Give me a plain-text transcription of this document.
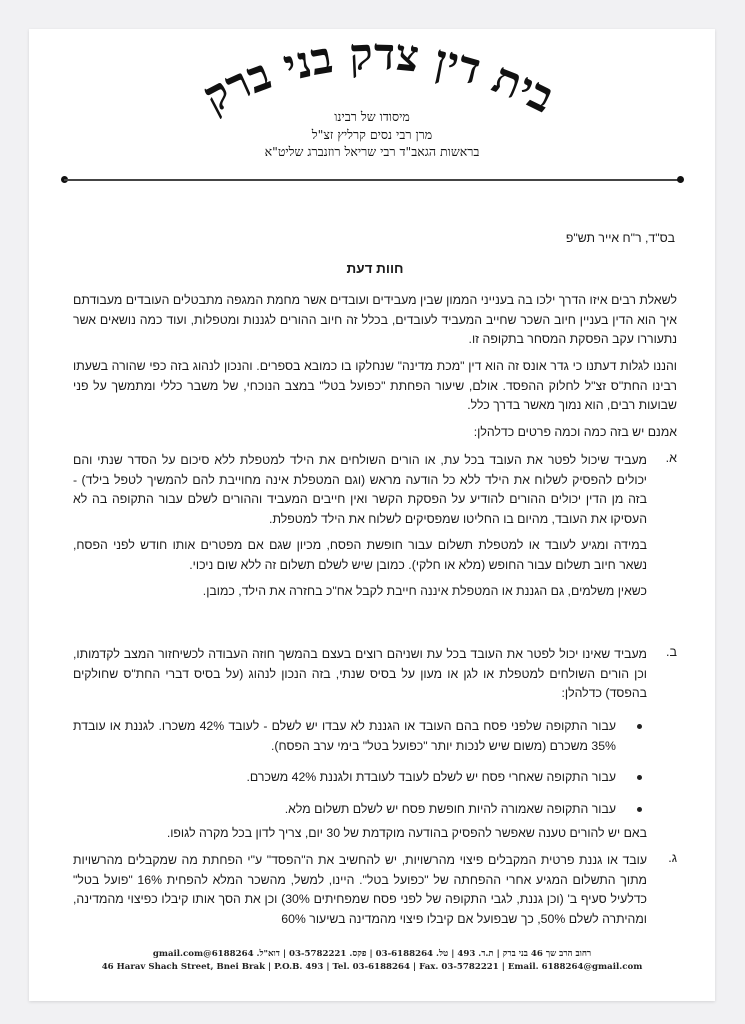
בית דין צדק בני ברק
מיסודו של רבינו
מרן רבי נסים קרליץ זצ"ל
בראשות הגאב"ד רבי שריאל רוזנברג שליט"א
בס"ד, ר"ח אייר תש"פ
חוות דעת
לשאלת רבים איזו הדרך ילכו בה בענייני הממון שבין מעבידים ועובדים אשר מחמת המגפה מתבטלים העובדים מעבודתם איך הוא הדין בעניין חיוב השכר שחייב המעביד לעובדים, בכלל זה חיוב ההורים לגננות ומטפלות, ועוד כמה נושאים אשר נתעוררו עקב הפסקת המסחר בתקופה זו.
והננו לגלות דעתנו כי גדר אונס זה הוא דין "מכת מדינה" שנחלקו בו כמובא בספרים. והנכון לנהוג בזה כפי שהורה בשעתו רבינו החת"ס זצ"ל לחלוק ההפסד. אולם, שיעור הפחתת "כפועל בטל" במצב הנוכחי, של משבר כללי ומתמשך על פני שבועות רבים, הוא נמוך מאשר בדרך כלל.
אמנם יש בזה כמה וכמה פרטים כדלהלן:
א.

מעביד שיכול לפטר את העובד בכל עת, או הורים השולחים את הילד למטפלת ללא סיכום על הסדר שנתי והם יכולים להפסיק לשלוח את הילד ללא כל הודעה מראש (וגם המטפלת אינה מחוייבת להם להמשיך לטפל בילד) - בזה מן הדין יכולים ההורים להודיע על הפסקת הקשר ואין חייבים המעביד וההורים לשלם עבור התקופה בה לא העסיקו את העובד, מהיום בו החליטו שמפסיקים לשלוח את הילד למטפלת.

במידה ומגיע לעובד או למטפלת תשלום עבור חופשת הפסח, מכיון שגם אם מפטרים אותו חודש לפני הפסח, נשאר חיוב תשלום עבור החופש (מלא או חלקי). כמובן שיש לשלם תשלום זה ללא שום ניכוי.

כשאין משלמים, גם הגננת או המטפלת איננה חייבת לקבל אח"כ בחזרה את הילד, כמובן.

ב.

מעביד שאינו יכול לפטר את העובד בכל עת ושניהם רוצים בעצם בהמשך חוזה העבודה לכשיחזור המצב לקדמותו, וכן הורים השולחים למטפלת או לגן או מעון על בסיס שנתי, בזה הנכון לנהוג (על בסיס דברי החת"ס שחולקים בהפסד) כדלהלן:

עבור התקופה שלפני פסח בהם העובד או הגננת לא עבדו יש לשלם - לעובד 42% משכרו. לגננת או עובדת 35% משכרם (משום שיש לנכות יותר "כפועל בטל" בימי ערב הפסח).
עבור התקופה שאחרי פסח יש לשלם לעובד לעובדת ולגננת 42% משכרם.
עבור התקופה שאמורה להיות חופשת פסח יש לשלם תשלום מלא.
באם יש להורים טענה שאפשר להפסיק בהודעה מוקדמת של 30 יום, צריך לדון בכל מקרה לגופו.
ג.

עובד או גננת פרטית המקבלים פיצוי מהרשויות, יש להחשיב את ה"הפסד" ע"י הפחתת מה שמקבלים מהרשויות מתוך התשלום המגיע אחרי ההפחתה של "כפועל בטל". היינו, למשל, מהשכר המלא להפחית 16% "פועל בטל" כדלעיל סעיף ב' (וכן גננת, לגבי התקופה של לפני פסח שמפחיתים 30%) וכן את הסך אותו קיבלו כפיצוי מהמדינה, ומהיתרה לשלם 50%, כך שבפועל אם קיבלו פיצוי מהמדינה בשיעור 60%

רחוב הרב שך 46 בני ברק | ת.ד. 493 | טל. 03-6188264 | פקס. 03-5782221 | דוא"ל. 6188264@gmail.com
46 Harav Shach Street, Bnei Brak | P.O.B. 493 | Tel. 03-6188264 | Fax. 03-5782221 | Email. 6188264@gmail.com
